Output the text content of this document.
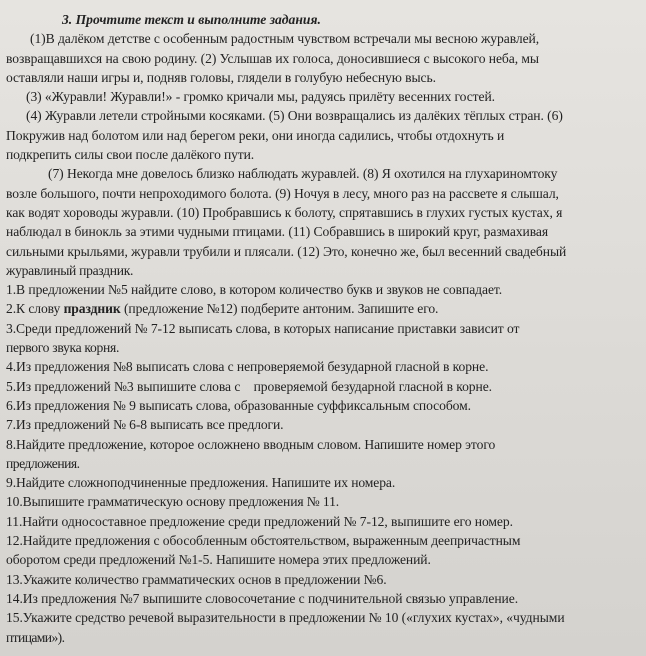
3. Прочтите текст и выполните задания.
(1)В далёком детстве с особенным радостным чувством встречали мы весною журавлей,
возвращавшихся на свою родину. (2) Услышав их голоса, доносившиеся с высокого неба, мы
оставляли наши игры и, подняв головы, глядели в голубую небесную высь.
(3) «Журавли! Журавли!» - громко кричали мы, радуясь прилёту весенних гостей.
(4) Журавли летели стройными косяками. (5) Они возвращались из далёких тёплых стран. (6)
Покружив над болотом или над берегом реки, они иногда садились, чтобы отдохнуть и
подкрепить силы свои после далёкого пути.
(7) Некогда мне довелось близко наблюдать журавлей. (8) Я охотился на глухариномтоку
возле большого, почти непроходимого болота. (9) Ночуя в лесу, много раз на рассвете я слышал,
как водят хороводы журавли. (10) Пробравшись к болоту, спрятавшись в глухих густых кустах, я
наблюдал в бинокль за этими чудными птицами. (11) Собравшись в широкий круг, размахивая
сильными крыльями, журавли трубили и плясали. (12) Это, конечно же, был весенний свадебный
журавлиный праздник.
1.В предложении №5 найдите слово, в котором количество букв и звуков не совпадает.
2.К слову праздник (предложение №12) подберите антоним. Запишите его.
3.Среди предложений № 7-12 выписать слова, в которых написание приставки зависит от
первого звука корня.
4.Из предложения №8 выписать слова с непроверяемой безударной гласной в корне.
5.Из предложений №3 выпишите слова с    проверяемой безударной гласной в корне.
6.Из предложения № 9 выписать слова, образованные суффиксальным способом.
7.Из предложений № 6-8 выписать все предлоги.
8.Найдите предложение, которое осложнено вводным словом. Напишите номер этого
предложения.
9.Найдите сложноподчиненные предложения. Напишите их номера.
10.Выпишите грамматическую основу предложения № 11.
11.Найти односоставное предложение среди предложений № 7-12, выпишите его номер.
12.Найдите предложения с обособленным обстоятельством, выраженным деепричастным
оборотом среди предложений №1-5. Напишите номера этих предложений.
13.Укажите количество грамматических основ в предложении №6.
14.Из предложения №7 выпишите словосочетание с подчинительной связью управление.
15.Укажите средство речевой выразительности в предложении № 10 («глухих кустах», «чудными
птицами»).
